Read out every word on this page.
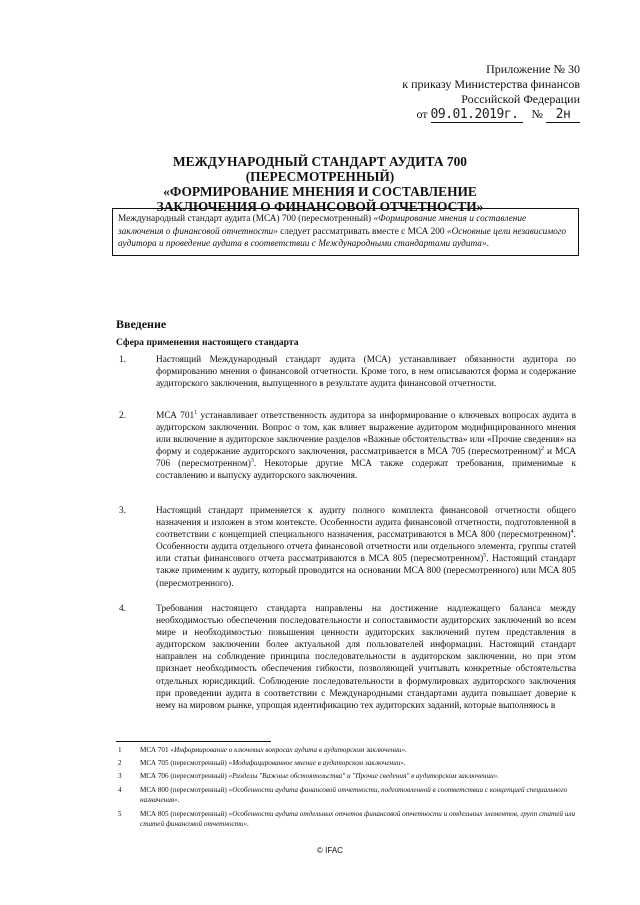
Приложение № 30
к приказу Министерства финансов
Российской Федерации
от 09.01.2019г. № 2н
МЕЖДУНАРОДНЫЙ СТАНДАРТ АУДИТА 700 (ПЕРЕСМОТРЕННЫЙ)
«ФОРМИРОВАНИЕ МНЕНИЯ И СОСТАВЛЕНИЕ ЗАКЛЮЧЕНИЯ О ФИНАНСОВОЙ ОТЧЕТНОСТИ»
Международный стандарт аудита (МСА) 700 (пересмотренный) «Формирование мнения и составление заключения о финансовой отчетности» следует рассматривать вместе с МСА 200 «Основные цели независимого аудитора и проведение аудита в соответствии с Международными стандартами аудита».
Введение
Сфера применения настоящего стандарта
1.	Настоящий Международный стандарт аудита (МСА) устанавливает обязанности аудитора по формированию мнения о финансовой отчетности. Кроме того, в нем описываются форма и содержание аудиторского заключения, выпущенного в результате аудита финансовой отчетности.
2.	МСА $701^1$ устанавливает ответственность аудитора за информирование о ключевых вопросах аудита в аудиторском заключении. Вопрос о том, как влияет выражение аудитором модифицированного мнения или включение в аудиторское заключение разделов «Важные обстоятельства» или «Прочие сведения» на форму и содержание аудиторского заключения, рассматривается в МСА 705 (пересмотренном)$^2$ и МСА 706 (пересмотренном)$^3$. Некоторые другие МСА также содержат требования, применимые к составлению и выпуску аудиторского заключения.
3.	Настоящий стандарт применяется к аудиту полного комплекта финансовой отчетности общего назначения и изложен в этом контексте. Особенности аудита финансовой отчетности, подготовленной в соответствии с концепцией специального назначения, рассматриваются в МСА 800 (пересмотренном)$^4$. Особенности аудита отдельного отчета финансовой отчетности или отдельного элемента, группы статей или статьи финансового отчета рассматриваются в МСА 805 (пересмотренном)$^5$. Настоящий стандарт также применим к аудиту, который проводится на основании МСА 800 (пересмотренного) или МСА 805 (пересмотренного).
4.	Требования настоящего стандарта направлены на достижение надлежащего баланса между необходимостью обеспечения последовательности и сопоставимости аудиторских заключений во всем мире и необходимостью повышения ценности аудиторских заключений путем представления в аудиторском заключении более актуальной для пользователей информации. Настоящий стандарт направлен на соблюдение принципа последовательности в аудиторском заключении, но при этом признает необходимость обеспечения гибкости, позволяющей учитывать конкретные обстоятельства отдельных юрисдикций. Соблюдение последовательности в формулировках аудиторского заключения при проведении аудита в соответствии с Международными стандартами аудита повышает доверие к нему на мировом рынке, упрощая идентификацию тех аудиторских заданий, которые выполняюсь в
1	МСА 701 «Информирование о ключевых вопросах аудита в аудиторском заключении».
2	МСА 705 (пересмотренный) «Модифицированное мнение в аудиторском заключении».
3	МСА 706 (пересмотренный) «Разделы "Важные обстоятельства" и "Прочие сведения" в аудиторском заключении».
4	МСА 800 (пересмотренный) «Особенности аудита финансовой отчетности, подготовленной в соответствии с концепцией специального назначения».
5	МСА 805 (пересмотренный) «Особенности аудита отдельных отчетов финансовой отчетности и отдельных элементов, групп статей или статей финансовой отчетности».
© IFAC
